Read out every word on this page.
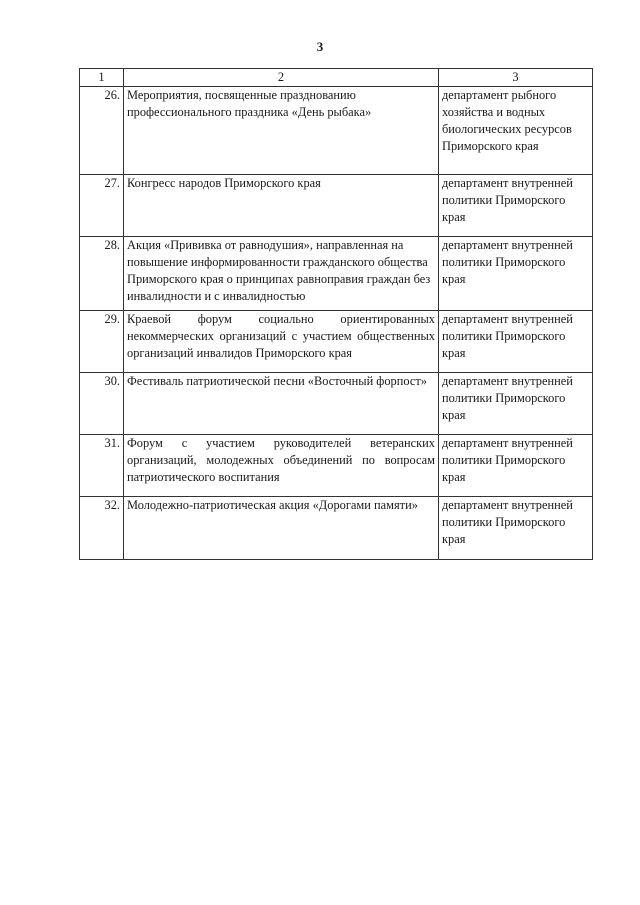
3
1	2	3
26.	Мероприятия, посвященные празднованию профессионального праздника «День рыбака»	департамент рыбного хозяйства и водных биологических ресурсов Приморского края
27.	Конгресс народов Приморского края	департамент внутренней политики Приморского края
28.	Акция «Прививка от равнодушия», направленная на повышение информированности гражданского общества Приморского края о принципах равноправия граждан без инвалидности и с инвалидностью	департамент внутренней политики Приморского края
29.	Краевой форум социально ориентированных некоммерческих организаций с участием общественных организаций инвалидов Приморского края	департамент внутренней политики Приморского края
30.	Фестиваль патриотической песни «Восточный форпост»	департамент внутренней политики Приморского края
31.	Форум с участием руководителей ветеранских организаций, молодежных объединений по вопросам патриотического воспитания	департамент внутренней политики Приморского края
32.	Молодежно-патриотическая акция «Дорогами памяти»	департамент внутренней политики Приморского края
